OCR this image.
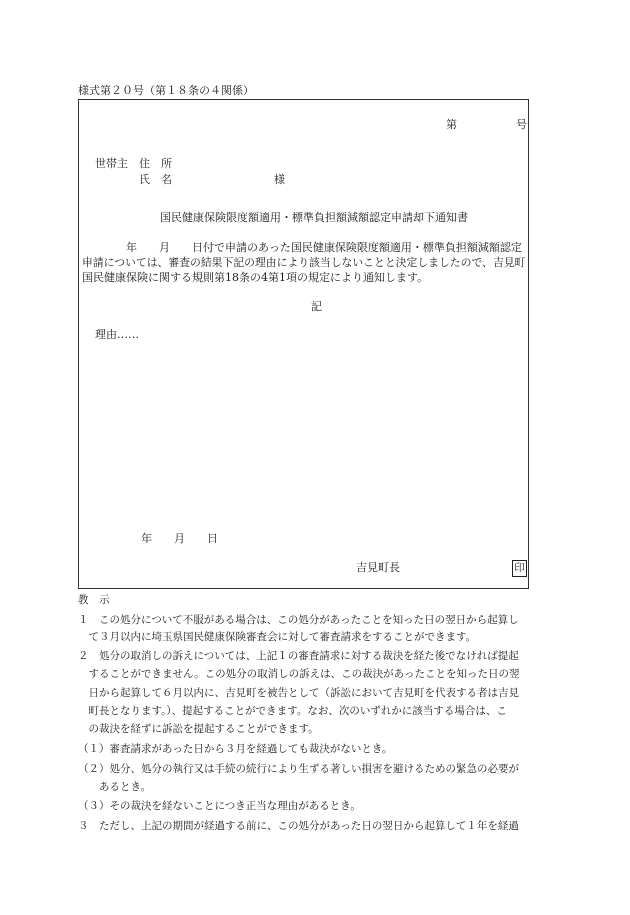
様式第２０号（第１８条の４関係）
第	号
世帯主 住　所
氏　名	様
国民健康保険限度額適用・標準負担額減額認定申請却下通知書
　　　　年　　月　　日付で申請のあった国民健康保険限度額適用・標準負担額減額認定
申請については、審査の結果下記の理由により該当しないことと決定しましたので、吉見町
国民健康保険に関する規則第18条の4第1項の規定により通知します。
記
理由……
年　　月　　日
吉見町長	印
教　示
１　この処分について不服がある場合は、この処分があったことを知った日の翌日から起算し
　て３月以内に埼玉県国民健康保険審査会に対して審査請求をすることができます。
２　処分の取消しの訴えについては、上記１の審査請求に対する裁決を経た後でなければ提起
　することができません。この処分の取消しの訴えは、この裁決があったことを知った日の翌
　日から起算して６月以内に、吉見町を被告として（訴訟において吉見町を代表する者は吉見
　町長となります。）、提起することができます。なお、次のいずれかに該当する場合は、こ
　の裁決を経ずに訴訟を提起することができます。
（１）審査請求があった日から３月を経過しても裁決がないとき。
（２）処分、処分の執行又は手続の続行により生ずる著しい損害を避けるための緊急の必要が
　　あるとき。
（３）その裁決を経ないことにつき正当な理由があるとき。
３　ただし、上記の期間が経過する前に、この処分があった日の翌日から起算して１年を経過
